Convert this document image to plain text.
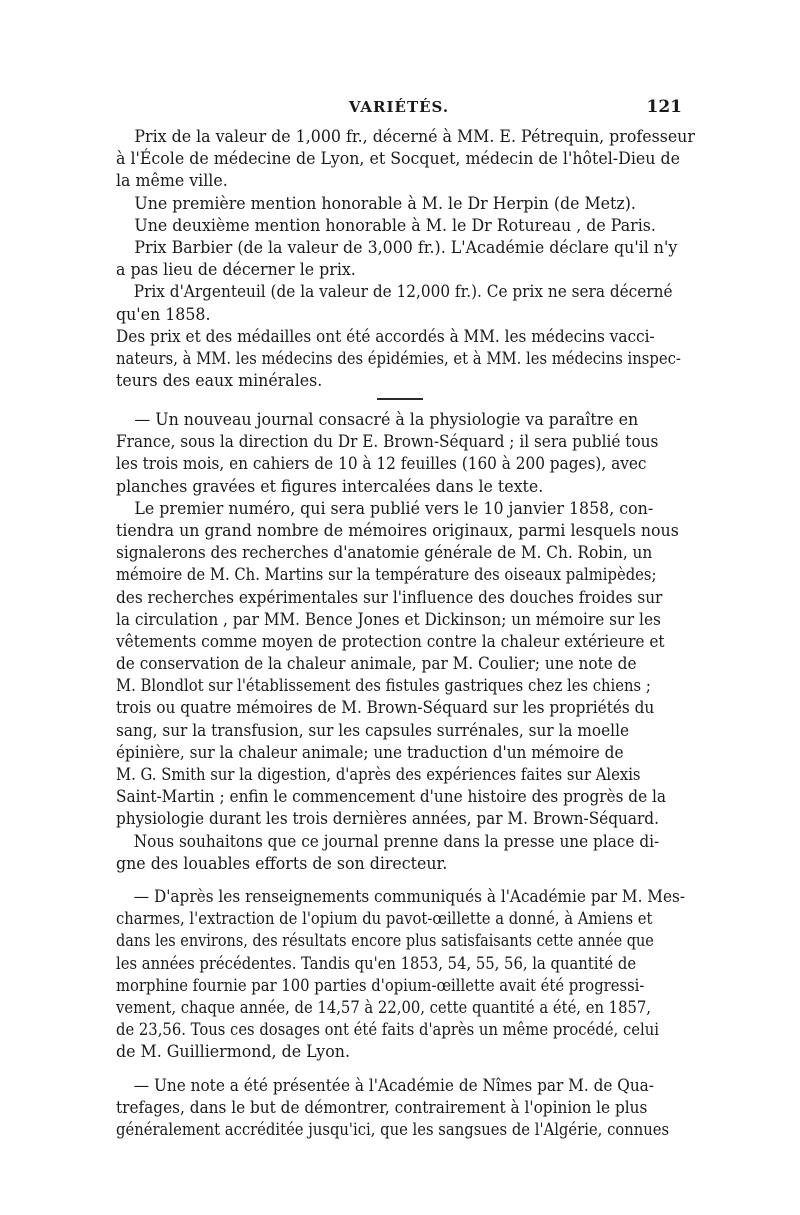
VARIÉTÉS.	121
Prix de la valeur de 1,000 fr., décerné à MM. E. Pétrequin, professeur
à l'École de médecine de Lyon, et Socquet, médecin de l'hôtel-Dieu de
la même ville.
Une première mention honorable à M. le Dr Herpin (de Metz).
Une deuxième mention honorable à M. le Dr Rotureau , de Paris.
Prix Barbier (de la valeur de 3,000 fr.). L'Académie déclare qu'il n'y
a pas lieu de décerner le prix.
Prix d'Argenteuil (de la valeur de 12,000 fr.). Ce prix ne sera décerné
qu'en 1858.
Des prix et des médailles ont été accordés à MM. les médecins vacci-
nateurs, à MM. les médecins des épidémies, et à MM. les médecins inspec-
teurs des eaux minérales.
— Un nouveau journal consacré à la physiologie va paraître en
France, sous la direction du Dr E. Brown-Séquard ; il sera publié tous
les trois mois, en cahiers de 10 à 12 feuilles (160 à 200 pages), avec
planches gravées et figures intercalées dans le texte.
Le premier numéro, qui sera publié vers le 10 janvier 1858, con-
tiendra un grand nombre de mémoires originaux, parmi lesquels nous
signalerons des recherches d'anatomie générale de M. Ch. Robin, un
mémoire de M. Ch. Martins sur la température des oiseaux palmipèdes;
des recherches expérimentales sur l'influence des douches froides sur
la circulation , par MM. Bence Jones et Dickinson; un mémoire sur les
vêtements comme moyen de protection contre la chaleur extérieure et
de conservation de la chaleur animale, par M. Coulier; une note de
M. Blondlot sur l'établissement des fistules gastriques chez les chiens ;
trois ou quatre mémoires de M. Brown-Séquard sur les propriétés du
sang, sur la transfusion, sur les capsules surrénales, sur la moelle
épinière, sur la chaleur animale; une traduction d'un mémoire de
M. G. Smith sur la digestion, d'après des expériences faites sur Alexis
Saint-Martin ; enfin le commencement d'une histoire des progrès de la
physiologie durant les trois dernières années, par M. Brown-Séquard.
Nous souhaitons que ce journal prenne dans la presse une place di-
gne des louables efforts de son directeur.
— D'après les renseignements communiqués à l'Académie par M. Mes-
charmes, l'extraction de l'opium du pavot-œillette a donné, à Amiens et
dans les environs, des résultats encore plus satisfaisants cette année que
les années précédentes. Tandis qu'en 1853, 54, 55, 56, la quantité de
morphine fournie par 100 parties d'opium-œillette avait été progressi-
vement, chaque année, de 14,57 à 22,00, cette quantité a été, en 1857,
de 23,56. Tous ces dosages ont été faits d'après un même procédé, celui
de M. Guilliermond, de Lyon.
— Une note a été présentée à l'Académie de Nîmes par M. de Qua-
trefages, dans le but de démontrer, contrairement à l'opinion le plus
généralement accréditée jusqu'ici, que les sangsues de l'Algérie, connues
